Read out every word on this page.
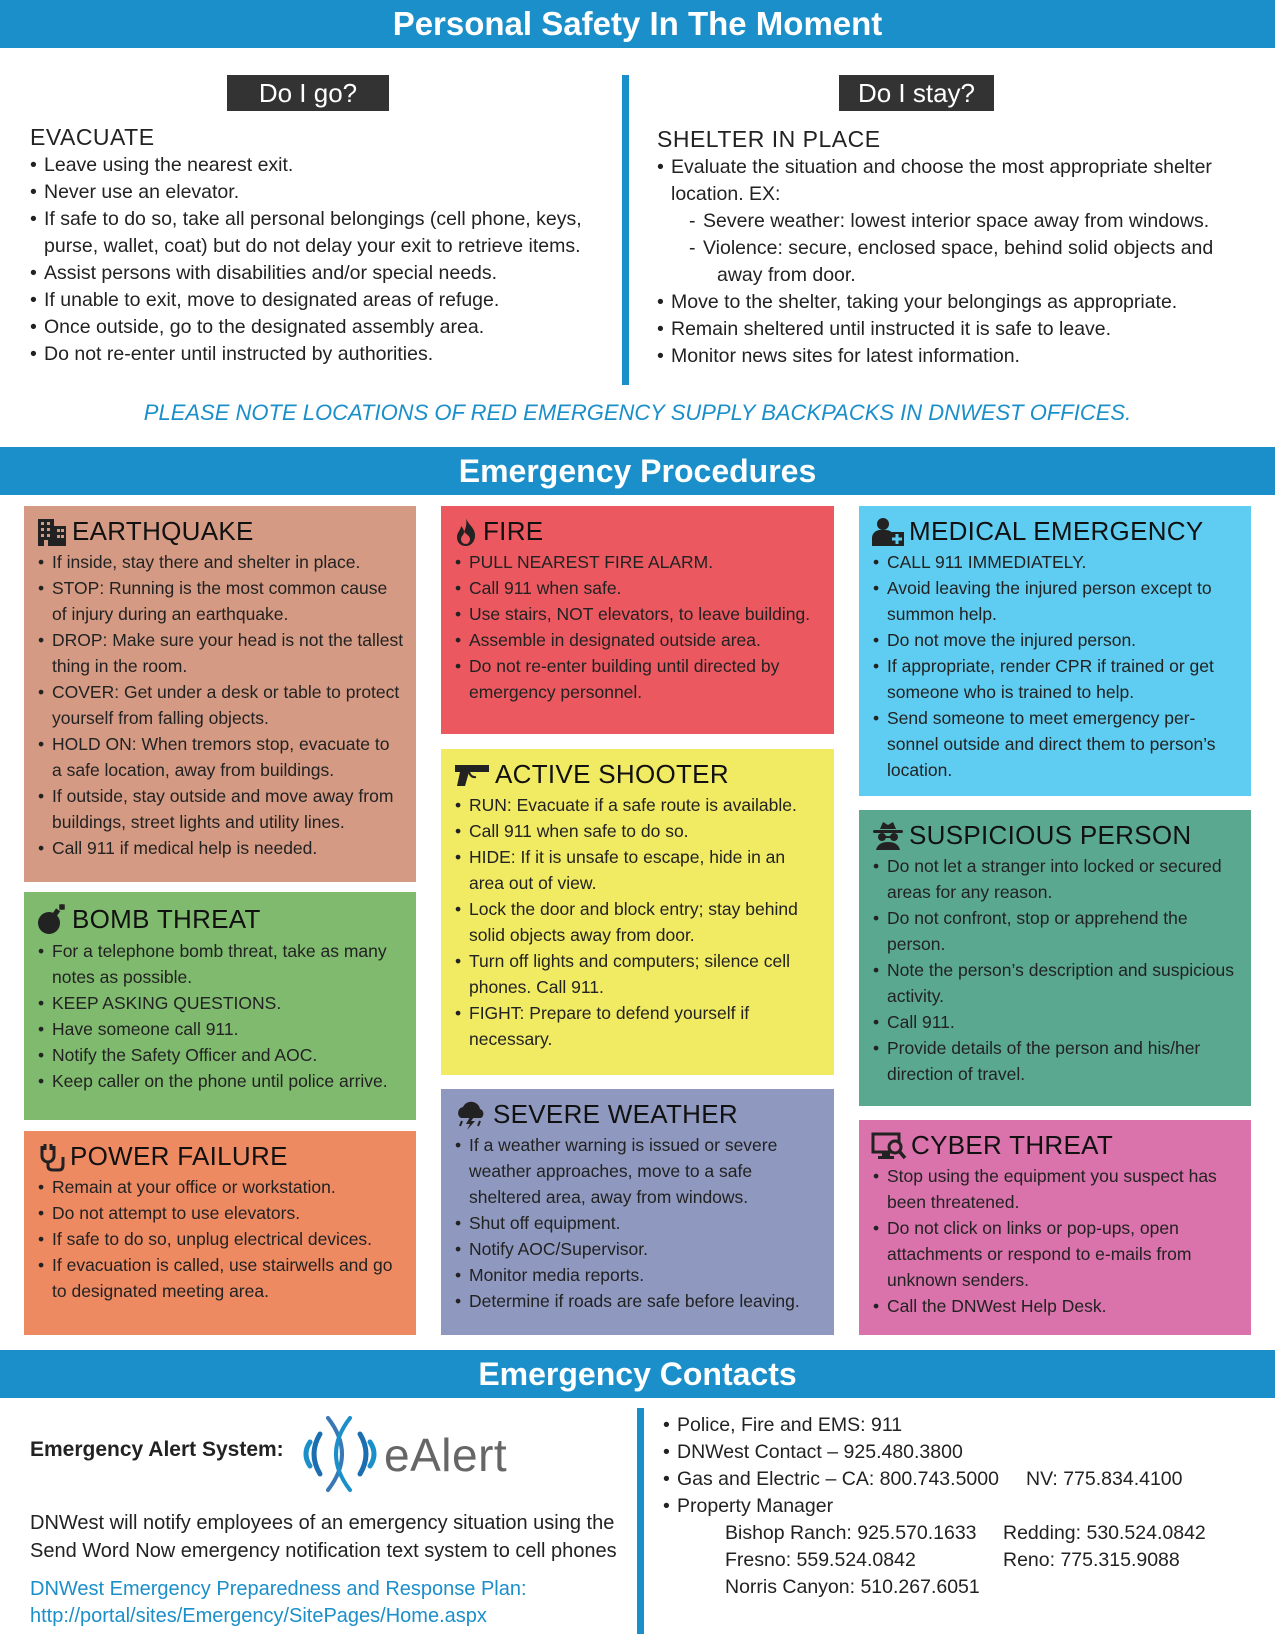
Personal Safety In The Moment
Do I go?
EVACUATE
• Leave using the nearest exit.
• Never use an elevator.
• If safe to do so, take all personal belongings (cell phone, keys, purse, wallet, coat) but do not delay your exit to retrieve items.
• Assist persons with disabilities and/or special needs.
• If unable to exit, move to designated areas of refuge.
• Once outside, go to the designated assembly area.
• Do not re-enter until instructed by authorities.
Do I stay?
SHELTER IN PLACE
• Evaluate the situation and choose the most appropriate shelter location. EX:
- Severe weather: lowest interior space away from windows.
- Violence: secure, enclosed space, behind solid objects and
away from door.
• Move to the shelter, taking your belongings as appropriate.
• Remain sheltered until instructed it is safe to leave.
• Monitor news sites for latest information.
PLEASE NOTE LOCATIONS OF RED EMERGENCY SUPPLY BACKPACKS IN DNWEST OFFICES.
Emergency Procedures
EARTHQUAKE
• If inside, stay there and shelter in place.
• STOP: Running is the most common cause of injury during an earthquake.
• DROP: Make sure your head is not the tallest thing in the room.
• COVER: Get under a desk or table to protect yourself from falling objects.
• HOLD ON: When tremors stop, evacuate to a safe location, away from buildings.
• If outside, stay outside and move away from buildings, street lights and utility lines.
• Call 911 if medical help is needed.
BOMB THREAT
• For a telephone bomb threat, take as many notes as possible.
• KEEP ASKING QUESTIONS.
• Have someone call 911.
• Notify the Safety Officer and AOC.
• Keep caller on the phone until police arrive.
POWER FAILURE
• Remain at your office or workstation.
• Do not attempt to use elevators.
• If safe to do so, unplug electrical devices.
• If evacuation is called, use stairwells and go to designated meeting area.
FIRE
• PULL NEAREST FIRE ALARM.
• Call 911 when safe.
• Use stairs, NOT elevators, to leave building.
• Assemble in designated outside area.
• Do not re-enter building until directed by emergency personnel.
ACTIVE SHOOTER
• RUN: Evacuate if a safe route is available.
• Call 911 when safe to do so.
• HIDE: If it is unsafe to escape, hide in an area out of view.
• Lock the door and block entry; stay behind solid objects away from door.
• Turn off lights and computers; silence cell phones. Call 911.
• FIGHT: Prepare to defend yourself if necessary.
SEVERE WEATHER
• If a weather warning is issued or severe weather approaches, move to a safe sheltered area, away from windows.
• Shut off equipment.
• Notify AOC/Supervisor.
• Monitor media reports.
• Determine if roads are safe before leaving.
MEDICAL EMERGENCY
• CALL 911 IMMEDIATELY.
• Avoid leaving the injured person except to summon help.
• Do not move the injured person.
• If appropriate, render CPR if trained or get someone who is trained to help.
• Send someone to meet emergency per-sonnel outside and direct them to person’s location.
SUSPICIOUS PERSON
• Do not let a stranger into locked or secured areas for any reason.
• Do not confront, stop or apprehend the person.
• Note the person’s description and suspicious activity.
• Call 911.
• Provide details of the person and his/her direction of travel.
CYBER THREAT
• Stop using the equipment you suspect has been threatened.
• Do not click on links or pop-ups, open attachments or respond to e-mails from unknown senders.
• Call the DNWest Help Desk.
Emergency Contacts
Emergency Alert System: eAlert
DNWest will notify employees of an emergency situation using the Send Word Now emergency notification text system to cell phones
DNWest Emergency Preparedness and Response Plan:
http://portal/sites/Emergency/SitePages/Home.aspx
• Police, Fire and EMS: 911
• DNWest Contact – 925.480.3800
• Gas and Electric – CA: 800.743.5000 NV: 775.834.4100
• Property Manager
Bishop Ranch: 925.570.1633
Fresno: 559.524.0842
Norris Canyon: 510.267.6051
Redding: 530.524.0842
Reno: 775.315.9088
